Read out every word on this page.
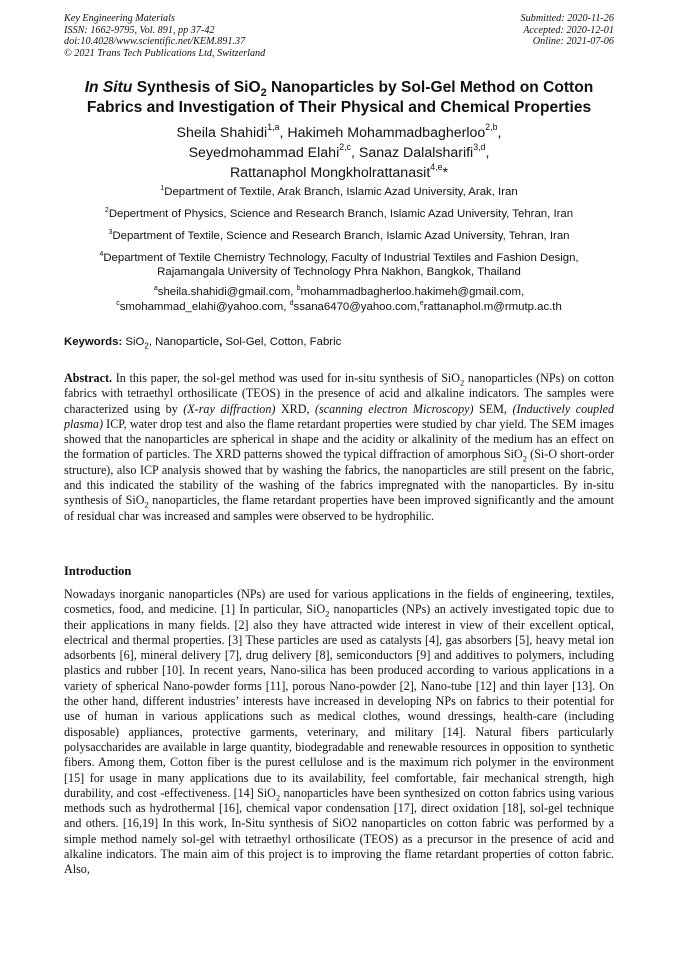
Key Engineering Materials
ISSN: 1662-9795, Vol. 891, pp 37-42
doi:10.4028/www.scientific.net/KEM.891.37
© 2021 Trans Tech Publications Ltd, Switzerland
Submitted: 2020-11-26
Accepted: 2020-12-01
Online: 2021-07-06
In Situ Synthesis of SiO$_2$ Nanoparticles by Sol-Gel Method on Cotton
Fabrics and Investigation of Their Physical and Chemical Properties
Sheila Shahidi$^{1,a}$, Hakimeh Mohammadbagherloo$^{2,b}$,
Seyedmohammad Elahi$^{2,c}$, Sanaz Dalalsharifi$^{3,d}$,
Rattanaphol Mongkholrattanasit$^{4,e}$*

$^1$Department of Textile, Arak Branch, Islamic Azad University, Arak, Iran

$^2$Depertment of Physics, Science and Research Branch, Islamic Azad University, Tehran, Iran

$^3$Department of Textile, Science and Research Branch, Islamic Azad University, Tehran, Iran

$^4$Department of Textile Chemistry Technology, Faculty of Industrial Textiles and Fashion Design,
Rajamangala University of Technology Phra Nakhon, Bangkok, Thailand

$^a$sheila.shahidi@gmail.com, $^b$mohammadbagherloo.hakimeh@gmail.com,
$^c$smohammad_elahi@yahoo.com, $^d$ssana6470@yahoo.com,$^e$rattanaphol.m@rmutp.ac.th
Keywords: SiO$_2$, Nanoparticle, Sol-Gel, Cotton, Fabric
Abstract. In this paper, the sol-gel method was used for in-situ synthesis of SiO$_2$ nanoparticles (NPs) on cotton fabrics with tetraethyl orthosilicate (TEOS) in the presence of acid and alkaline indicators. The samples were characterized using by (X-ray diffraction) XRD, (scanning electron Microscopy) SEM, (Inductively coupled plasma) ICP, water drop test and also the flame retardant properties were studied by char yield. The SEM images showed that the nanoparticles are spherical in shape and the acidity or alkalinity of the medium has an effect on the formation of particles. The XRD patterns showed the typical diffraction of amorphous SiO$_2$ (Si-O short-order structure), also ICP analysis showed that by washing the fabrics, the nanoparticles are still present on the fabric, and this indicated the stability of the washing of the fabrics impregnated with the nanoparticles. By in-situ synthesis of SiO$_2$ nanoparticles, the flame retardant properties have been improved significantly and the amount of residual char was increased and samples were observed to be hydrophilic.
Introduction
Nowadays inorganic nanoparticles (NPs) are used for various applications in the fields of engineering, textiles, cosmetics, food, and medicine. [1] In particular, SiO$_2$ nanoparticles (NPs) an actively investigated topic due to their applications in many fields. [2] also they have attracted wide interest in view of their excellent optical, electrical and thermal properties. [3] These particles are used as catalysts [4], gas absorbers [5], heavy metal ion adsorbents [6], mineral delivery [7], drug delivery [8], semiconductors [9] and additives to polymers, including plastics and rubber [10]. In recent years, Nano-silica has been produced according to various applications in a variety of spherical Nano-powder forms [11], porous Nano-powder [2], Nano-tube [12] and thin layer [13]. On the other hand, different industries’ interests have increased in developing NPs on fabrics to their potential for use of human in various applications such as medical clothes, wound dressings, health-care (including disposable) appliances, protective garments, veterinary, and military [14]. Natural fibers particularly polysaccharides are available in large quantity, biodegradable and renewable resources in opposition to synthetic fibers. Among them, Cotton fiber is the purest cellulose and is the maximum rich polymer in the environment [15] for usage in many applications due to its availability, feel comfortable, fair mechanical strength, high durability, and cost -effectiveness. [14] SiO$_2$ nanoparticles have been synthesized on cotton fabrics using various methods such as hydrothermal [16], chemical vapor condensation [17], direct oxidation [18], sol-gel technique and others. [16,19] In this work, In-Situ synthesis of SiO2 nanoparticles on cotton fabric was performed by a simple method namely sol-gel with tetraethyl orthosilicate (TEOS) as a precursor in the presence of acid and alkaline indicators. The main aim of this project is to improving the flame retardant properties of cotton fabric. Also,
